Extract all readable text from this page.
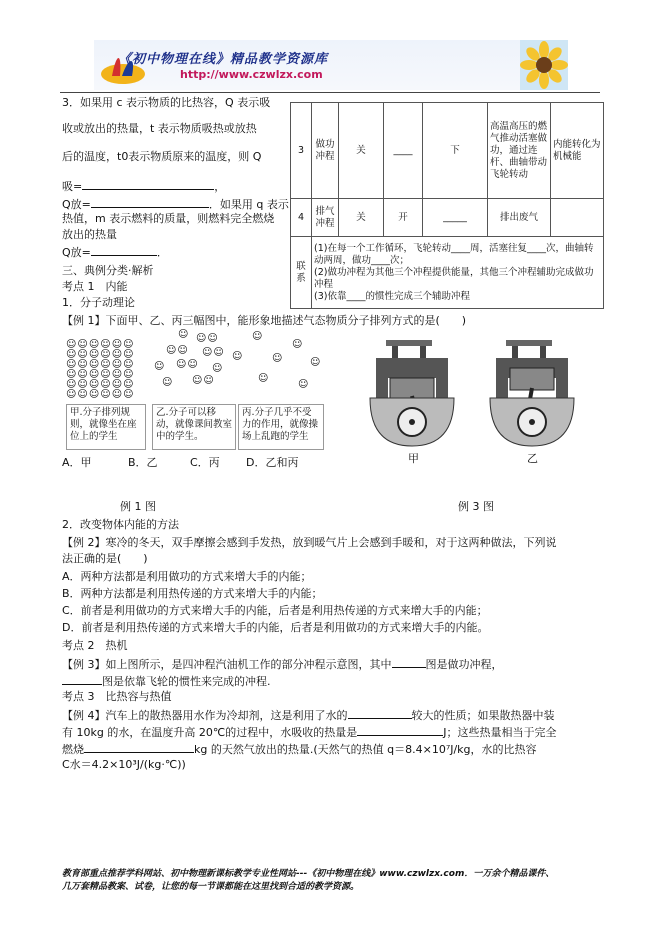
《初中物理在线》精品教学资源库
http://www.czwlzx.com
3．如果用 c 表示物质的比热容，Q 表示吸
收或放出的热量，t 表示物质吸热或放热
后的温度，t0表示物质原来的温度，则 Q
吸=	，
Q放=	．如果用 q 表示
热值，m 表示燃料的质量，则燃料完全燃烧
放出的热量
Q放=	．
3	做功冲程	关	____	下	高温高压的燃气推动活塞做功，通过连杆、曲轴带动飞轮转动	内能转化为机械能
4	排气冲程	关	开	_____	排出废气	
联系	(1)在每一个工作循环，飞轮转动____周，活塞往复____次，曲轴转动两周，做功____次；
(2)做功冲程为其他三个冲程提供能量，其他三个冲程辅助完成做功冲程
(3)依靠____的惯性完成三个辅助冲程					
三、典例分类·解析
考点 1　内能
1．分子动理论
【例 1】下面甲、乙、丙三幅图中，能形象地描述气态物质分子排列方式的是(　　)
☺☺☺☺☺☺
☺☺☺☺☺☺
☺☺☺☺☺☺
☺☺☺☺☺☺
☺☺☺☺☺☺
☺☺☺☺☺☺
☺ ☺☺
☺☺ ☺☺
☺ ☺☺ ☺
☺ ☺☺
☺
☺
☺	☺	☺
☺
☺
甲.分子排列规则，就像坐在座位上的学生
乙.分子可以移动，就像课间教室中的学生。
丙.分子几乎不受力的作用，就像操场上乱跑的学生
A．甲	B．乙	C．丙 D．乙和丙	甲	乙
例 1 图	例 3 图
2．改变物体内能的方法
【例 2】寒冷的冬天，双手摩擦会感到手发热，放到暖气片上会感到手暖和，对于这两种做法，下列说
法正确的是(　　)
A．两种方法都是利用做功的方式来增大手的内能；
B．两种方法都是利用热传递的方式来增大手的内能；
C．前者是利用做功的方式来增大手的内能，后者是利用热传递的方式来增大手的内能；
D．前者是利用热传递的方式来增大手的内能，后者是利用做功的方式来增大手的内能。
考点 2　热机
【例 3】如上图所示，是四冲程汽油机工作的部分冲程示意图，其中	图是做功冲程，
图是依靠飞轮的惯性来完成的冲程.
考点 3　比热容与热值
【例 4】汽车上的散热器用水作为冷却剂，这是利用了水的	较大的性质；如果散热器中装
有 10kg 的水，在温度升高 20℃的过程中，水吸收的热量是	J；这些热量相当于完全
燃烧	kg 的天然气放出的热量.(天然气的热值 q＝8.4×10⁷J/kg，水的比热容
C水＝4.2×10³J/(kg·℃))
教育部重点推荐学科网站、初中物理新课标教学专业性网站---《初中物理在线》www.czwlzx.com．一万余个精品课件、
几万套精品教案、试卷，让您的每一节课都能在这里找到合适的教学资源。
